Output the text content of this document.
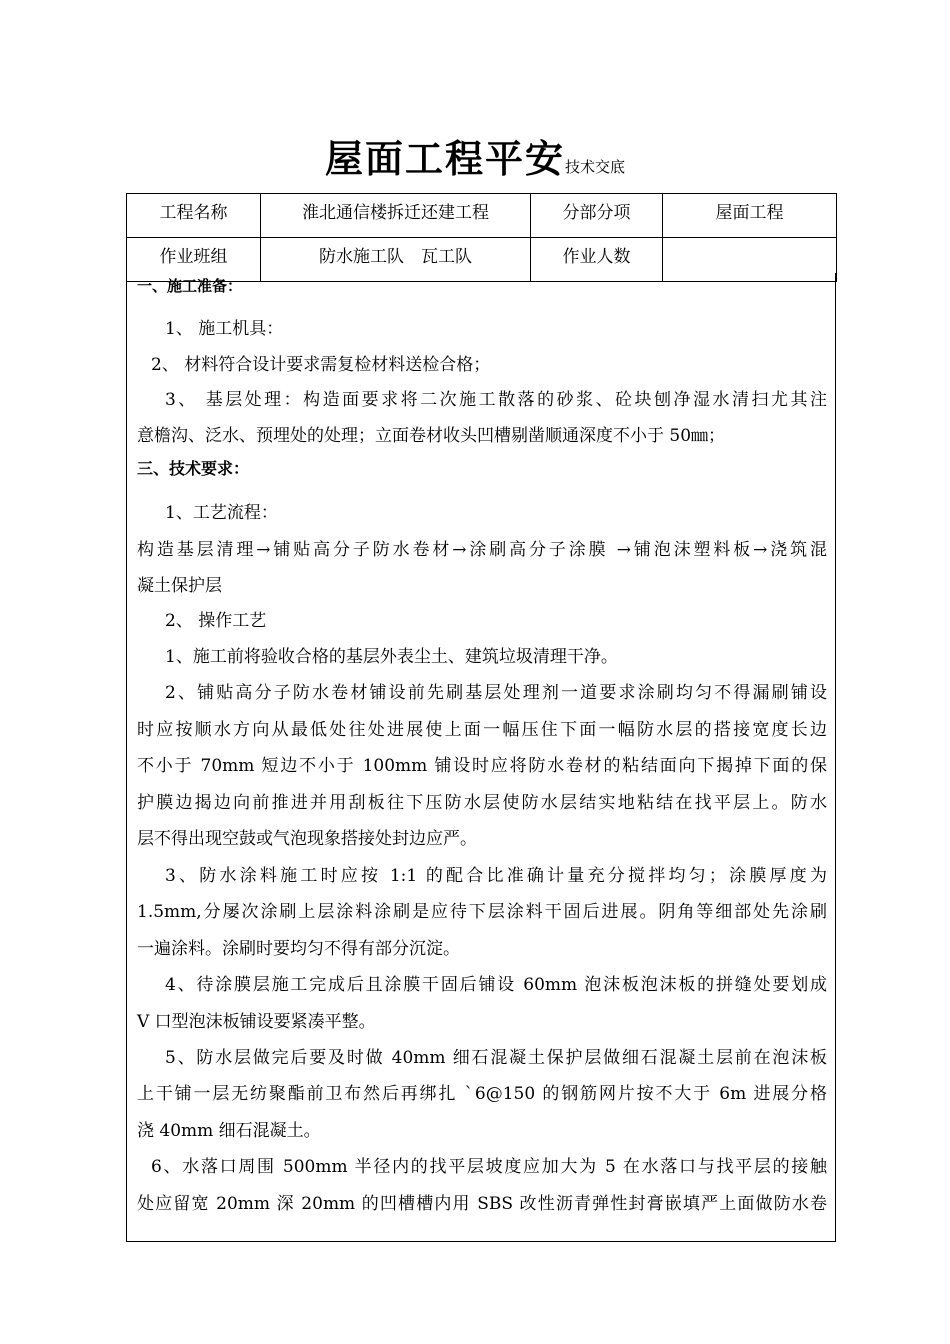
屋面工程平安技术交底
工程名称	淮北通信楼拆迁还建工程	分部分项	屋面工程
作业班组	防水施工队　瓦工队	作业人数	
一、施工准备：
1、 施工机具：
2、 材料符合设计要求需复检材料送检合格；
3、 基层处理：构造面要求将二次施工散落的砂浆、砼块刨净湿水清扫尤其注
意檐沟、泛水、预埋处的处理；立面卷材收头凹槽剔凿顺通深度不小于 50㎜；
三、技术要求：
1、工艺流程：
构造基层清理→铺贴高分子防水卷材→涂刷高分子涂膜 →铺泡沫塑料板→浇筑混
凝土保护层
2、 操作工艺
1、施工前将验收合格的基层外表尘土、建筑垃圾清理干净。
2、铺贴高分子防水卷材铺设前先刷基层处理剂一道要求涂刷均匀不得漏刷铺设
时应按顺水方向从最低处往处进展使上面一幅压住下面一幅防水层的搭接宽度长边
不小于 70mm 短边不小于 100mm 铺设时应将防水卷材的粘结面向下揭掉下面的保
护膜边揭边向前推进并用刮板往下压防水层使防水层结实地粘结在找平层上。防水
层不得出现空鼓或气泡现象搭接处封边应严。
3、防水涂料施工时应按 1:1 的配合比准确计量充分搅拌均匀；涂膜厚度为
1.5mm,分屡次涂刷上层涂料涂刷是应待下层涂料干固后进展。阴角等细部处先涂刷
一遍涂料。涂刷时要均匀不得有部分沉淀。
4、待涂膜层施工完成后且涂膜干固后铺设 60mm 泡沫板泡沫板的拼缝处要划成
V 口型泡沫板铺设要紧凑平整。
5、防水层做完后要及时做 40mm 细石混凝土保护层做细石混凝土层前在泡沫板
上干铺一层无纺聚酯前卫布然后再绑扎 ˋ6@150 的钢筋网片按不大于 6m 进展分格
浇 40mm 细石混凝土。
6、水落口周围 500mm 半径内的找平层坡度应加大为 5 在水落口与找平层的接触
处应留宽 20mm 深 20mm 的凹槽槽内用 SBS 改性沥青弹性封膏嵌填严上面做防水卷
